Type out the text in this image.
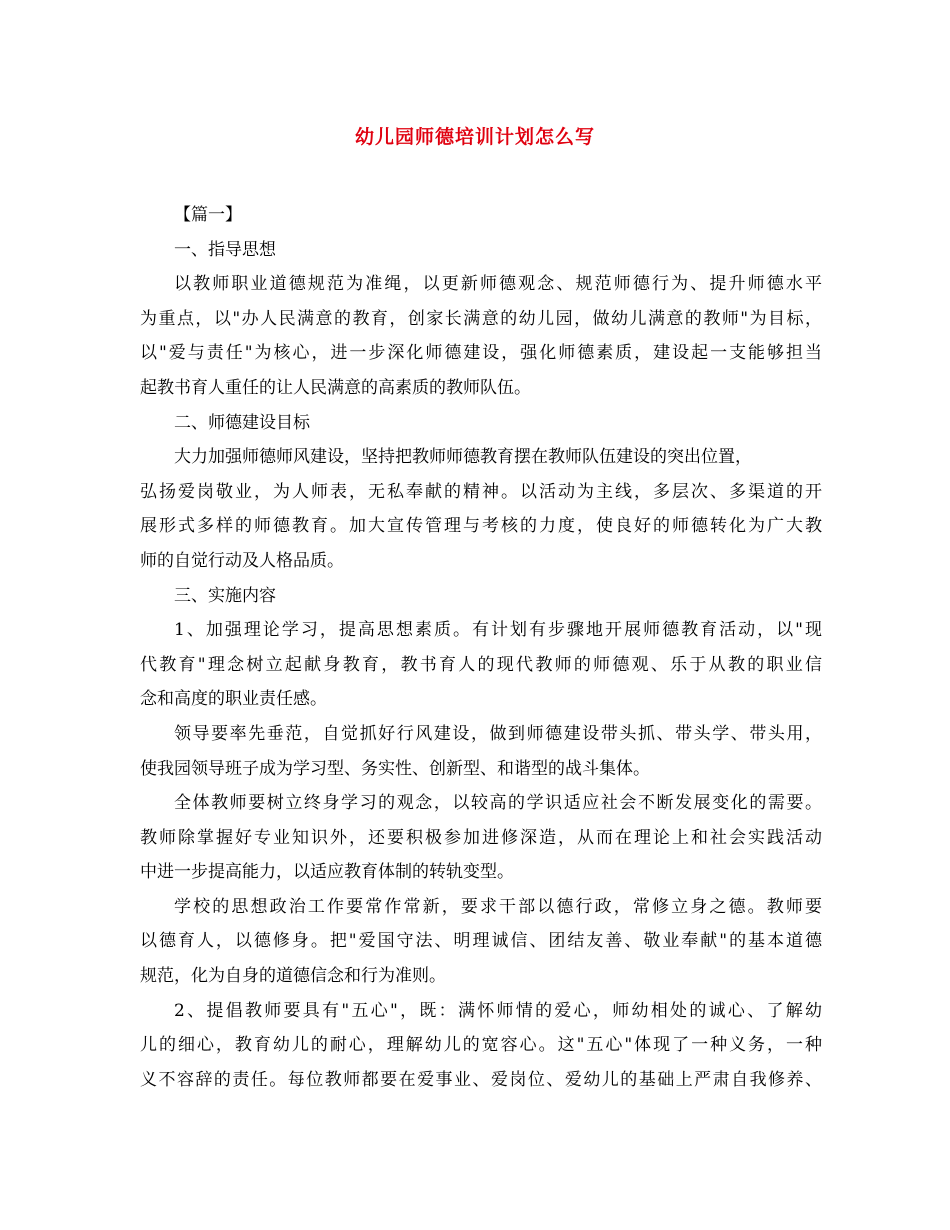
幼儿园师德培训计划怎么写
【篇一】
一、指导思想
以教师职业道德规范为准绳，以更新师德观念、规范师德行为、提升师德水平
为重点，以"办人民满意的教育，创家长满意的幼儿园，做幼儿满意的教师"为目标，
以"爱与责任"为核心，进一步深化师德建设，强化师德素质，建设起一支能够担当
起教书育人重任的让人民满意的高素质的教师队伍。
二、师德建设目标
大力加强师德师风建设，坚持把教师师德教育摆在教师队伍建设的突出位置，
弘扬爱岗敬业，为人师表，无私奉献的精神。以活动为主线，多层次、多渠道的开
展形式多样的师德教育。加大宣传管理与考核的力度，使良好的师德转化为广大教
师的自觉行动及人格品质。
三、实施内容
1、加强理论学习，提高思想素质。有计划有步骤地开展师德教育活动，以"现
代教育"理念树立起献身教育，教书育人的现代教师的师德观、乐于从教的职业信
念和高度的职业责任感。
领导要率先垂范，自觉抓好行风建设，做到师德建设带头抓、带头学、带头用，
使我园领导班子成为学习型、务实性、创新型、和谐型的战斗集体。
全体教师要树立终身学习的观念，以较高的学识适应社会不断发展变化的需要。
教师除掌握好专业知识外，还要积极参加进修深造，从而在理论上和社会实践活动
中进一步提高能力，以适应教育体制的转轨变型。
学校的思想政治工作要常作常新，要求干部以德行政，常修立身之德。教师要
以德育人，以德修身。把"爱国守法、明理诚信、团结友善、敬业奉献"的基本道德
规范，化为自身的道德信念和行为准则。
2、提倡教师要具有"五心"，既：满怀师情的爱心，师幼相处的诚心、了解幼
儿的细心，教育幼儿的耐心，理解幼儿的宽容心。这"五心"体现了一种义务，一种
义不容辞的责任。每位教师都要在爱事业、爱岗位、爱幼儿的基础上严肃自我修养、
